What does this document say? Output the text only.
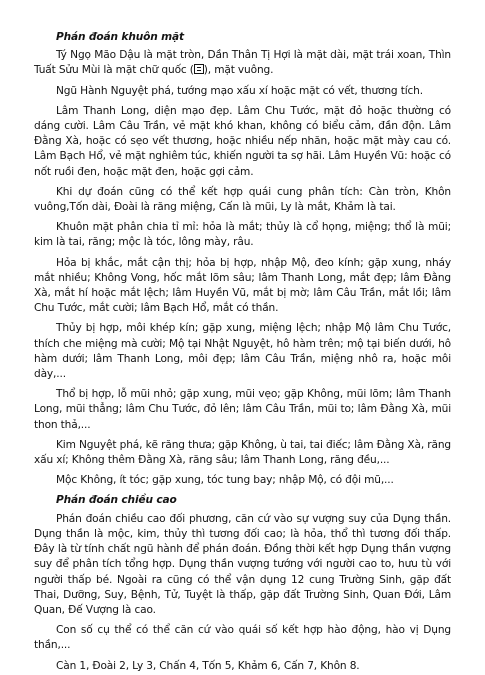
Phán đoán khuôn mặt

Tý Ngọ Mão Dậu là mặt tròn, Dần Thân Tị Hợi là mặt dài, mặt trái xoan, Thìn Tuất Sửu Mùi là mặt chữ quốc ( ), mặt vuông.

Ngũ Hành Nguyệt phá, tướng mạo xấu xí hoặc mặt có vết, thương tích.

Lâm Thanh Long, diện mạo đẹp. Lâm Chu Tước, mặt đỏ hoặc thường có dáng cười. Lâm Câu Trần, vẻ mặt khó khan, không có biểu cảm, đần độn. Lâm Đằng Xà, hoặc có sẹo vết thương, hoặc nhiều nếp nhăn, hoặc mặt mày cau có. Lâm Bạch Hổ, vẻ mặt nghiêm túc, khiến người ta sợ hãi. Lâm Huyền Vũ: hoặc có nốt ruồi đen, hoặc mặt đen, hoặc gợi cảm.

Khi dự đoán cũng có thể kết hợp quái cung phân tích: Càn tròn, Khôn vuông,Tốn dài, Đoài là răng miệng, Cấn là mũi, Ly là mắt, Khảm là tai.

Khuôn mặt phân chia tỉ mỉ: hỏa là mắt; thủy là cổ họng, miệng; thổ là mũi; kim là tai, răng; mộc là tóc, lông mày, râu.

Hỏa bị khắc, mắt cận thị; hỏa bị hợp, nhập Mộ, đeo kính; gặp xung, nháy mắt nhiều; Không Vong, hốc mắt lõm sâu; lâm Thanh Long, mắt đẹp; lâm Đằng Xà, mắt hí hoặc mắt lệch; lâm Huyền Vũ, mắt bị mờ; lâm Câu Trần, mắt lồi; lâm Chu Tước, mắt cười; lâm Bạch Hổ, mắt có thần.

Thủy bị hợp, môi khép kín; gặp xung, miệng lệch; nhập Mộ lâm Chu Tước, thích che miệng mà cười; Mộ tại Nhật Nguyệt, hô hàm trên; mộ tại biến dưới, hô hàm dưới; lâm Thanh Long, môi đẹp; lâm Câu Trần, miệng nhô ra, hoặc môi dày,...

Thổ bị hợp, lỗ mũi nhỏ; gặp xung, mũi vẹo; gặp Không, mũi lõm; lâm Thanh Long, mũi thẳng; lâm Chu Tước, đỏ lên; lâm Câu Trần, mũi to; lâm Đằng Xà, mũi thon thả,...

Kim Nguyệt phá, kẽ răng thưa; gặp Không, ù tai, tai điếc; lâm Đằng Xà, răng xấu xí; Không thêm Đằng Xà, răng sâu; lâm Thanh Long, răng đều,...

Mộc Không, ít tóc; gặp xung, tóc tung bay; nhập Mộ, có đội mũ,...

Phán đoán chiều cao

Phán đoán chiều cao đối phương, căn cứ vào sự vượng suy của Dụng thần. Dụng thần là mộc, kim, thủy thì tương đối cao; là hỏa, thổ thì tương đối thấp. Đây là từ tính chất ngũ hành để phán đoán. Đồng thời kết hợp Dụng thần vượng suy để phân tích tổng hợp. Dụng thần vượng tướng với người cao to, hưu tù với người thấp bé. Ngoài ra cũng có thể vận dụng 12 cung Trường Sinh, gặp đất Thai, Dưỡng, Suy, Bệnh, Tử, Tuyệt là thấp, gặp đất Trường Sinh, Quan Đới, Lâm Quan, Đế Vượng là cao.

Con số cụ thể có thể căn cứ vào quái số kết hợp hào động, hào vị Dụng thần,...

Càn 1, Đoài 2, Ly 3, Chấn 4, Tốn 5, Khảm 6, Cấn 7, Khôn 8.
